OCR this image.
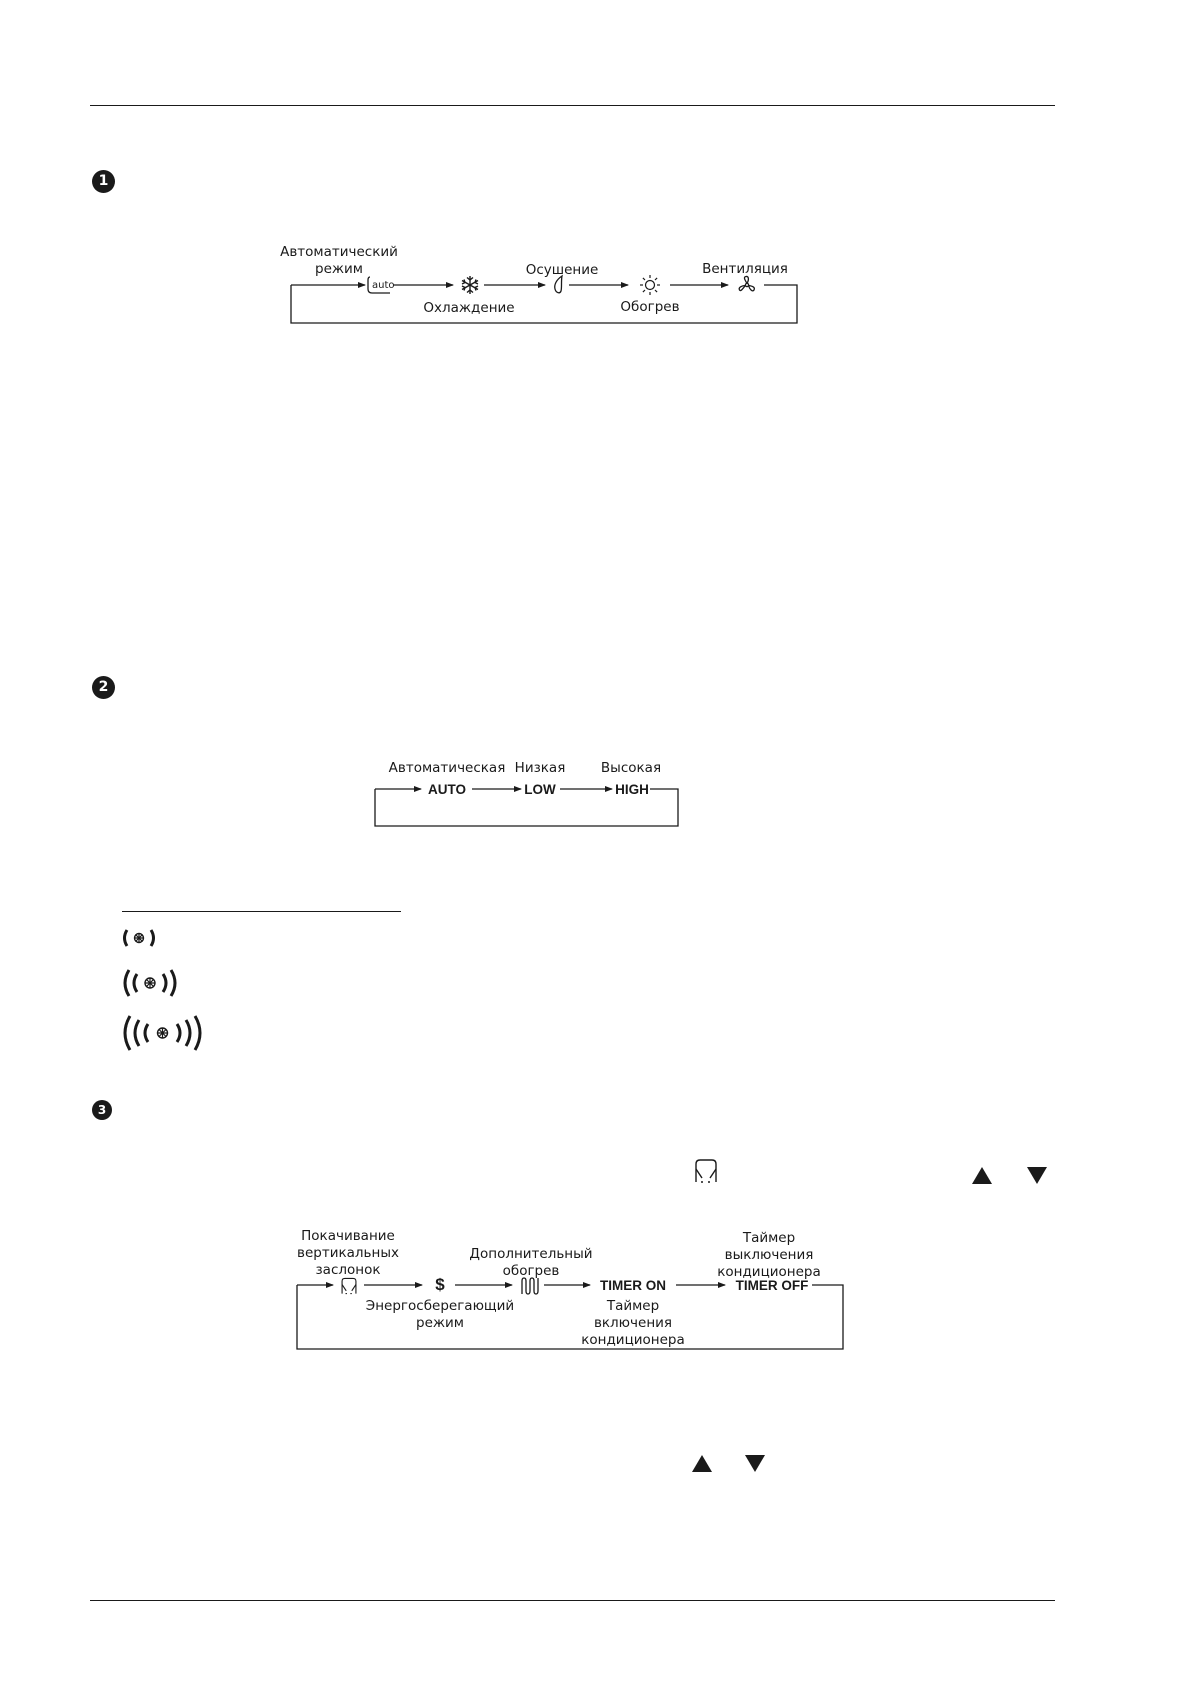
1
Автоматический
режим
auto
Охлаждение
Осушение
Обогрев
Вентиляция
2
Автоматическая Низкая	Высокая
AUTO	LOW	HIGH
3
Покачивание
вертикальных
заслонок
$
Энергосберегающий
режим
Дополнительный
обогрев
TIMER ON
Таймер
включения
кондиционера
Таймер
выключения
кондиционера
TIMER OFF
